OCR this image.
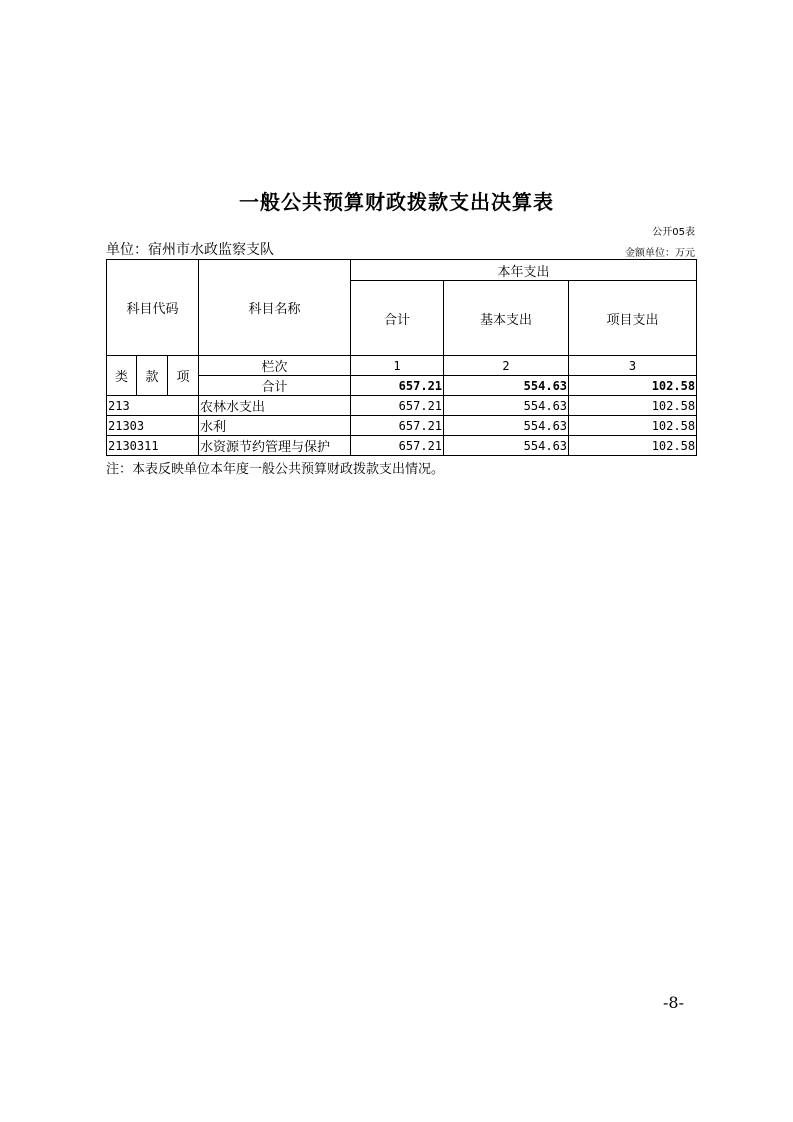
一般公共预算财政拨款支出决算表
公开05表
单位：宿州市水政监察支队	金额单位：万元
科目代码			科目名称	本年支出		
				合计	基本支出	项目支出
类	款	项	栏次	1	2	3
			合计	657.21	554.63	102.58
213			农林水支出	657.21	554.63	102.58
21303			水利	657.21	554.63	102.58
2130311			水资源节约管理与保护	657.21	554.63	102.58
注：本表反映单位本年度一般公共预算财政拨款支出情况。
-8-
